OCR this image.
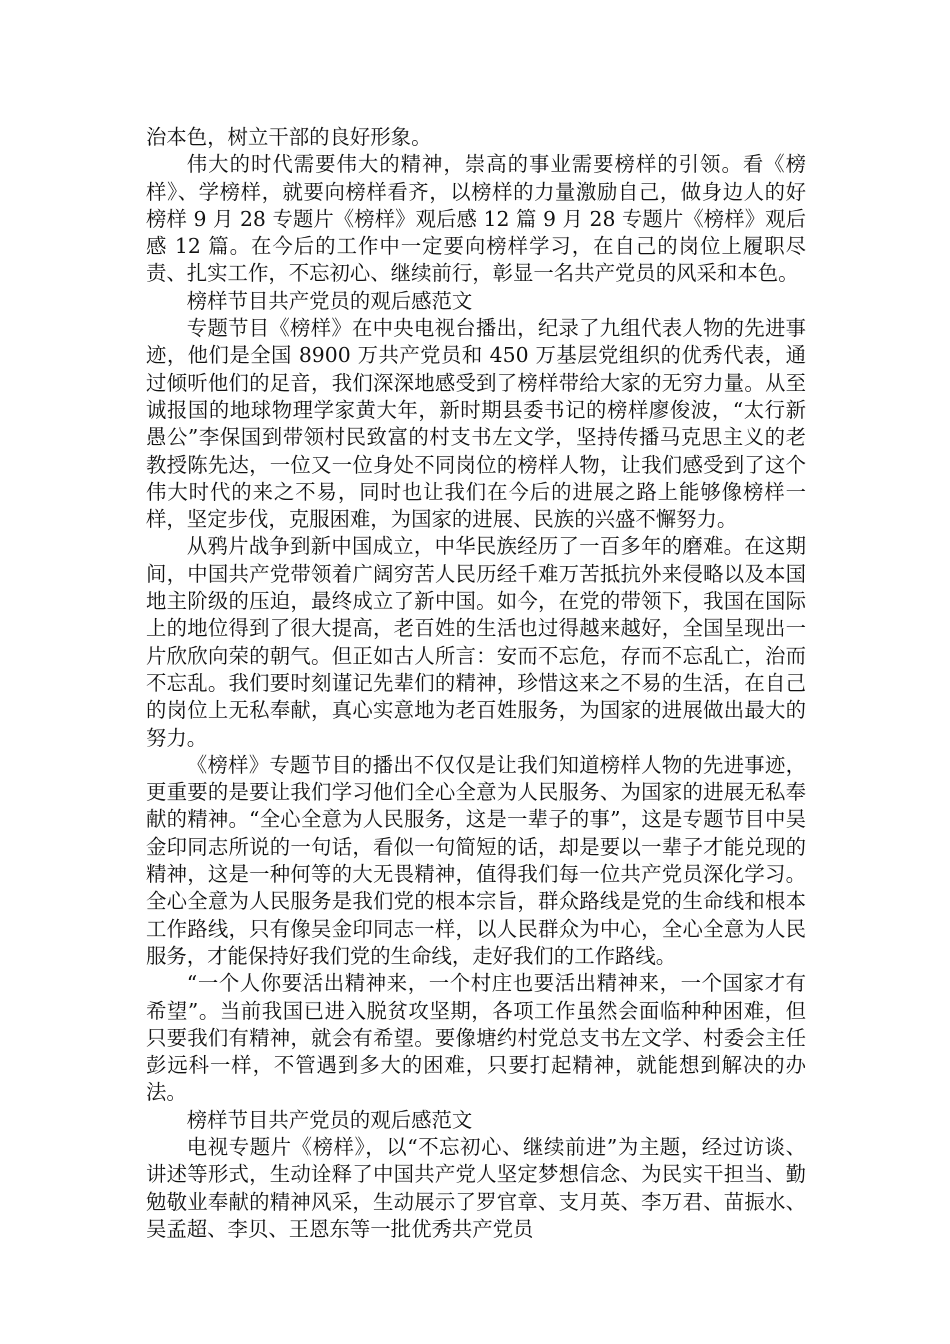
治本色，树立干部的良好形象。

伟大的时代需要伟大的精神，崇高的事业需要榜样的引领。看《榜样》、学榜样，就要向榜样看齐，以榜样的力量激励自己，做身边人的好榜样 9 月 28 专题片《榜样》观后感 12 篇 9 月 28 专题片《榜样》观后感 12 篇。在今后的工作中一定要向榜样学习，在自己的岗位上履职尽责、扎实工作，不忘初心、继续前行，彰显一名共产党员的风采和本色。

榜样节目共产党员的观后感范文

专题节目《榜样》在中央电视台播出，纪录了九组代表人物的先进事迹，他们是全国 8900 万共产党员和 450 万基层党组织的优秀代表，通过倾听他们的足音，我们深深地感受到了榜样带给大家的无穷力量。从至诚报国的地球物理学家黄大年，新时期县委书记的榜样廖俊波，“太行新愚公”李保国到带领村民致富的村支书左文学，坚持传播马克思主义的老教授陈先达，一位又一位身处不同岗位的榜样人物，让我们感受到了这个伟大时代的来之不易，同时也让我们在今后的进展之路上能够像榜样一样，坚定步伐，克服困难，为国家的进展、民族的兴盛不懈努力。

从鸦片战争到新中国成立，中华民族经历了一百多年的磨难。在这期间，中国共产党带领着广阔穷苦人民历经千难万苦抵抗外来侵略以及本国地主阶级的压迫，最终成立了新中国。如今，在党的带领下，我国在国际上的地位得到了很大提高，老百姓的生活也过得越来越好，全国呈现出一片欣欣向荣的朝气。但正如古人所言：安而不忘危，存而不忘乱亡，治而不忘乱。我们要时刻谨记先辈们的精神，珍惜这来之不易的生活，在自己的岗位上无私奉献，真心实意地为老百姓服务，为国家的进展做出最大的努力。

《榜样》专题节目的播出不仅仅是让我们知道榜样人物的先进事迹，更重要的是要让我们学习他们全心全意为人民服务、为国家的进展无私奉献的精神。“全心全意为人民服务，这是一辈子的事”，这是专题节目中吴金印同志所说的一句话，看似一句简短的话，却是要以一辈子才能兑现的精神，这是一种何等的大无畏精神，值得我们每一位共产党员深化学习。全心全意为人民服务是我们党的根本宗旨，群众路线是党的生命线和根本工作路线，只有像吴金印同志一样，以人民群众为中心，全心全意为人民服务，才能保持好我们党的生命线，走好我们的工作路线。

“一个人你要活出精神来，一个村庄也要活出精神来，一个国家才有希望”。当前我国已进入脱贫攻坚期，各项工作虽然会面临种种困难，但只要我们有精神，就会有希望。要像塘约村党总支书左文学、村委会主任彭远科一样，不管遇到多大的困难，只要打起精神，就能想到解决的办法。

榜样节目共产党员的观后感范文

电视专题片《榜样》，以“不忘初心、继续前进”为主题，经过访谈、讲述等形式，生动诠释了中国共产党人坚定梦想信念、为民实干担当、勤勉敬业奉献的精神风采，生动展示了罗官章、支月英、李万君、苗振水、吴孟超、李贝、王恩东等一批优秀共产党员
